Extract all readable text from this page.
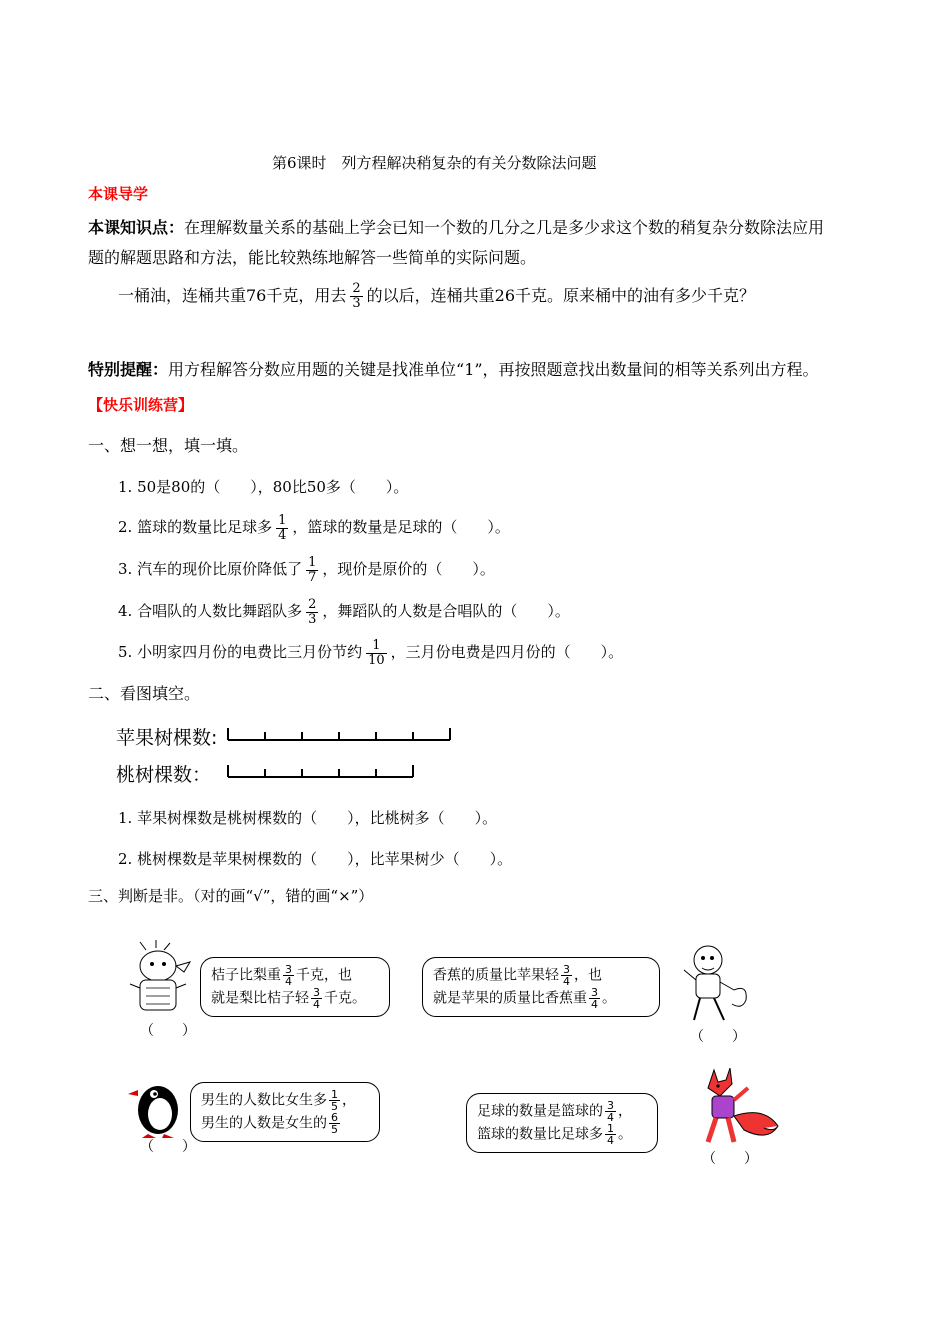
第6课时　列方程解决稍复杂的有关分数除法问题
本课导学
本课知识点：在理解数量关系的基础上学会已知一个数的几分之几是多少求这个数的稍复杂分数除法应用
题的解题思路和方法，能比较熟练地解答一些简单的实际问题。
一桶油，连桶共重76千克，用去 $\frac{2}{3}$ 的以后，连桶共重26千克。原来桶中的油有多少千克？
特别提醒：用方程解答分数应用题的关键是找准单位“1”，再按照题意找出数量间的相等关系列出方程。
【快乐训练营】
一、想一想，填一填。
1. 50是80的（　　），80比50多（　　）。
2. 篮球的数量比足球多 $\frac{1}{4}$ ，篮球的数量是足球的（　　）。
3. 汽车的现价比原价降低了 $\frac{1}{7}$ ，现价是原价的（　　）。
4. 合唱队的人数比舞蹈队多 $\frac{2}{3}$ ，舞蹈队的人数是合唱队的（　　）。
5. 小明家四月份的电费比三月份节约 $\frac{1}{10}$ ，三月份电费是四月份的（　　）。
二、看图填空。
苹果树棵数:
桃树棵数：
1. 苹果树棵数是桃树棵数的（　　），比桃树多（　　）。
2. 桃树棵数是苹果树棵数的（　　），比苹果树少（　　）。
三、判断是非。（对的画“√”，错的画“×”）
（　　）
桔子比梨重 $\frac{3}{4}$ 千克，也
就是梨比桔子轻 $\frac{3}{4}$ 千克。
香蕉的质量比苹果轻 $\frac{3}{4}$ ，也
就是苹果的质量比香蕉重 $\frac{3}{4}$ 。
（　　）
（　　）
男生的人数比女生多 $\frac{1}{5}$ ，
男生的人数是女生的 $\frac{6}{5}$
足球的数量是篮球的 $\frac{3}{4}$ ，
篮球的数量比足球多 $\frac{1}{4}$ 。
（　　）
